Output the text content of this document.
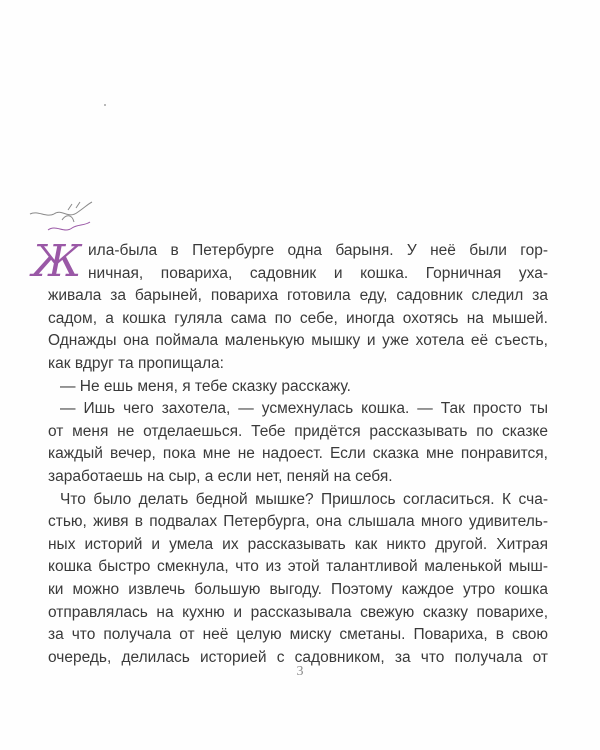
Ж ила-была в Петербурге одна барыня. У неё были гор-
ничная, повариха, садовник и кошка. Горничная уха-
живала за барыней, повариха готовила еду, садовник следил за
садом, а кошка гуляла сама по себе, иногда охотясь на мышей.
Однажды она поймала маленькую мышку и уже хотела её съесть,
как вдруг та пропищала:
— Не ешь меня, я тебе сказку расскажу.
— Ишь чего захотела, — усмехнулась кошка. — Так просто ты
от меня не отделаешься. Тебе придётся рассказывать по сказке
каждый вечер, пока мне не надоест. Если сказка мне понравится,
заработаешь на сыр, а если нет, пеняй на себя.
Что было делать бедной мышке? Пришлось согласиться. К сча-
стью, живя в подвалах Петербурга, она слышала много удивитель-
ных историй и умела их рассказывать как никто другой. Хитрая
кошка быстро смекнула, что из этой талантливой маленькой мыш-
ки можно извлечь большую выгоду. Поэтому каждое утро кошка
отправлялась на кухню и рассказывала свежую сказку поварихе,
за что получала от неё целую миску сметаны. Повариха, в свою
очередь, делилась историей с садовником, за что получала от
3
